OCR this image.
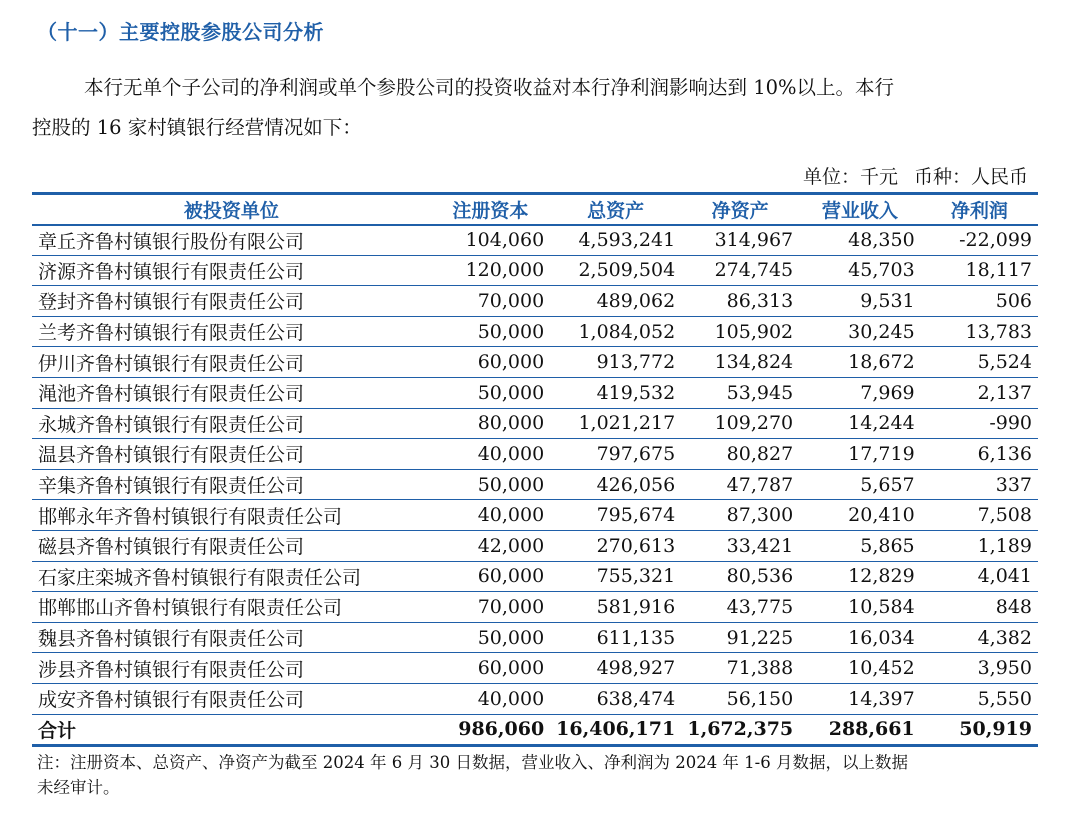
（十一）主要控股参股公司分析
本行无单个子公司的净利润或单个参股公司的投资收益对本行净利润影响达到 10%以上。本行
控股的 16 家村镇银行经营情况如下：
单位：千元 币种：人民币
被投资单位	注册资本	总资产	净资产	营业收入	净利润
章丘齐鲁村镇银行股份有限公司	104,060	4,593,241	314,967	48,350	-22,099
济源齐鲁村镇银行有限责任公司	120,000	2,509,504	274,745	45,703	18,117
登封齐鲁村镇银行有限责任公司	70,000	489,062	86,313	9,531	506
兰考齐鲁村镇银行有限责任公司	50,000	1,084,052	105,902	30,245	13,783
伊川齐鲁村镇银行有限责任公司	60,000	913,772	134,824	18,672	5,524
渑池齐鲁村镇银行有限责任公司	50,000	419,532	53,945	7,969	2,137
永城齐鲁村镇银行有限责任公司	80,000	1,021,217	109,270	14,244	-990
温县齐鲁村镇银行有限责任公司	40,000	797,675	80,827	17,719	6,136
辛集齐鲁村镇银行有限责任公司	50,000	426,056	47,787	5,657	337
邯郸永年齐鲁村镇银行有限责任公司	40,000	795,674	87,300	20,410	7,508
磁县齐鲁村镇银行有限责任公司	42,000	270,613	33,421	5,865	1,189
石家庄栾城齐鲁村镇银行有限责任公司	60,000	755,321	80,536	12,829	4,041
邯郸邯山齐鲁村镇银行有限责任公司	70,000	581,916	43,775	10,584	848
魏县齐鲁村镇银行有限责任公司	50,000	611,135	91,225	16,034	4,382
涉县齐鲁村镇银行有限责任公司	60,000	498,927	71,388	10,452	3,950
成安齐鲁村镇银行有限责任公司	40,000	638,474	56,150	14,397	5,550
合计	986,060	16,406,171	1,672,375	288,661	50,919
注：注册资本、总资产、净资产为截至 2024 年 6 月 30 日数据，营业收入、净利润为 2024 年 1-6 月数据，以上数据
未经审计。
